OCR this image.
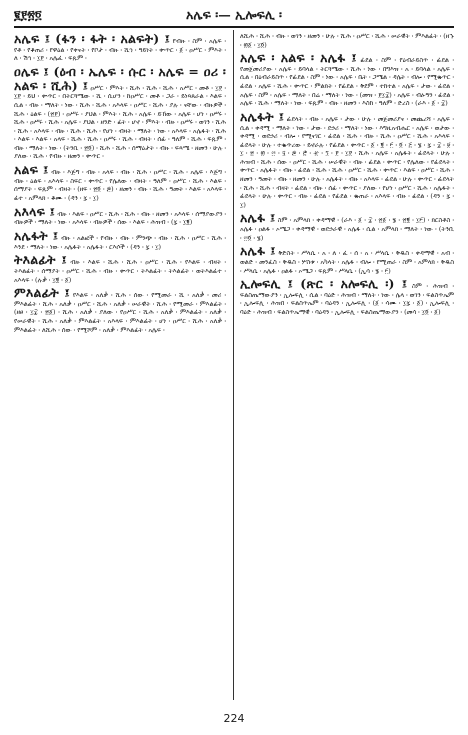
፪፻፳፬	አሌፍ ፡— ኢሎፍሊ ፡

አሌፍ ፤ (ፋን ፡ ፋት ፡ አልፍት) ፤ የብዙ ፡ ስም ፡ አሌፍ ፡ የቶ ፡ የቆጠሪ ፡ የዋዕል ፡ የቀናት ፡ የቦታ ፡ ብዙ ፡ ሺኅ ፡ ዓይነት ፡ ቍጥር ፡ ፩ ፡ ዐሥር ፡ ምእት ፡ ለ ፡ ሽኅ ፡ ፲፻ ፡ አሌፈ ፡ ፍጹም ፡

ዐሌፍ ፤ (ዕብ ፡ ኤሌፍ ፡ ሱር ፡ አሌፍ = ዐሪ ፡ አልፍ ፡ ሺሕ) ፤ ዐሥር ፡ ምእት ፡ ሺሕ ፡ ሺሕ ፡ ሺሕ ፡ አሥር ፡ መቶ ፡ ፲፻ ፡ ፲፻ ፡ ይህ ፡ ቍጥር ፡ በትርጓሜው ፡ ሺ ፡ ሲሆን ፡ ከዐሥር ፡ መቶ ፡ ጋራ ፡ ይነጻጸራል ፡ እልፍ ፡ ሲል ፡ ብዙ ፡ ማለት ፡ ነው ፡ ሺሕ ፡ ሺሕ ፡ አእላፍ ፡ ዐሥር ፡ ሺሕ ፡ ያሉ ፡ ናቸው ፡ ብዙዎች ፡ ሺሕ ፡ ዕልፍ ፡ (፳፻) ፡ ዐሥሩ ፡ ያህል ፡ ምእት ፡ ሺሕ ፡ አሌፍ ፡ ይኸው ፡ አሌፍ ፡ ሆነ ፡ ዐሥሩ ፡ ሺሕ ፡ ዐሥሩ ፡ ሺሕ ፡ አሌፍ ፡ ያህል ፡ ዘንድ ፡ ፊት ፡ ሆኖ ፡ ምእት ፡ ብዙ ፡ ዐሥሩ ፡ ወገን ፡ ሺሕ ፡ ሺሕ ፡ አእላፍ ፡ ብዙ ፡ ሺሕ ፡ ሺሕ ፡ የሆነ ፡ ብዛት ፡ ማለት ፡ ነው ፡ አእላፍ ፡ አሌፋት ፡ ሺሕ ፡ እልፍ ፡ እልፍ ፡ አላፍ ፡ ሺሕ ፡ ሺሕ ፡ ዐሥሩ ፡ ሺሕ ፡ ብዛት ፡ ሰፊ ፡ ዓለም ፡ ሺሕ ፡ ፍጹም ፡ ብዙ ፡ ማለት ፡ ነው ፡ (ትንቢ ፡ ፳፬) ፡ ሺሕ ፡ ሺሕ ፡ ሰማዕታት ፡ ብዙ ፡ ፍጻሜ ፡ ዘመን ፡ ሁሉ ፡ ያለው ፡ ሺሕ ፡ የብዙ ፡ ዘመን ፡ ቍጥር ፡

አልፍ ፤ ብዙ ፡ እጅግ ፡ ብዙ ፡ አላፍ ፡ ብዙ ፡ ሺሕ ፡ ዐሥር ፡ ሺሕ ፡ አሌፍ ፡ እጅግ ፡ ብዙ ፡ ዕልፍ ፡ አእላፍ ፡ ስፍር ፡ ቍጥር ፡ የሌለው ፡ ብዛት ፡ ዓለም ፡ ዐሥር ፡ ሺሕ ፡ እልፍ ፡ ሰማያት ፡ ፍጹም ፡ ብዛት ፡ (ዘፍ ፡ ፳፬ ፡ ፷) ፡ ዘመን ፡ ብዙ ፡ ሺሕ ፡ ዓመት ፡ እልፍ ፡ አእላፍ ፡ ፊተ ፡ አምላክ ፡ ቆሙ ፡ (ዳን ፡ ፯ ፡ ፲)

አእላፍ ፤ ብዙ ፡ እልፍ ፡ ዐሥር ፡ ሺሕ ፡ ሺሕ ፡ ብዙ ፡ ዘመን ፡ አእላፍ ፡ ሰማያውያን ፡ ብዙዎች ፡ ማለት ፡ ነው ፡ አእላፍ ፡ ብዙዎች ፡ ሰው ፡ እልፍ ፡ ሕዝብ ፡ (፯ ፡ ፲፪)

አሌፋት ፤ ብዙ ፡ አልፎች ፡ የብዙ ፡ ብዙ ፡ ምንጭ ፡ ብዙ ፡ ሺሕ ፡ ዐሥር ፡ ሺሕ ፡ እንደ ፡ ማለት ፡ ነው ፡ አሌፋት ፡ አሌፋት ፡ ርእሶች ፡ (ዳን ፡ ፯ ፡ ፲)

ትእልፊት ፤ ብዙ ፡ እልፍ ፡ ሺሕ ፡ ሺሕ ፡ ዐሥር ፡ ሺሕ ፡ የእልፍ ፡ ብዛት ፡ ትእልፊት ፡ ሰማያት ፡ ዐሥር ፡ ሺሕ ፡ ብዙ ፡ ቍጥር ፡ ትእልፊት ፡ ትእልፊት ፡ ወትእልፊተ ፡ አእላፍ ፡ (ሉቃ ፡ ፲፪ ፡ ፩)

ምእልፊት ፤ የእልፍ ፡ አለቃ ፡ ሺሕ ፡ ሰው ፡ የሚመራ ፡ ሺ ፡ አለቃ ፡ መሪ ፡ ምእልፊት ፡ ሺሕ ፡ አለቃ ፡ ዐሥር ፡ ሺሕ ፡ አለቃ ፡ ሠራዊት ፡ ሺሕ ፡ የሚመራ ፡ ምእልፊት ፡ (ዘፀ ፡ ፲፰ ፡ ፳፩) ፡ ሺሕ ፡ አለቃ ፡ ያለው ፡ የዐሥር ፡ ሺሕ ፡ አለቃ ፡ ምእልፊት ፡ አለቃ ፡ የሠራዊት ፡ ሺሕ ፡ አለቃ ፡ ምእልፊት ፡ አእላፍ ፡ ምእልፊት ፡ ሆነ ፡ ዐሥር ፡ ሺሕ ፡ አለቃ ፡ ምእልፊት ፡ ለሺሕ ፡ ሰው ፡ የሚሾም ፡ አለቃ ፡ ምእልፊት ፡ አሌፍ ፡

ለሺሕ ፡ ሺሕ ፡ ብዙ ፡ ወገን ፡ ዘመን ፡ ሁሉ ፡ ሺሕ ፡ ዐሥር ፡ ሺሕ ፡ ሠራዊት ፡ ምእልፊት ፡ (ዘኁ ፡ ፴፩ ፡ ፲፬)

አሌፍ ፡ አልፍ ፡ አሌፋ ፤ ፊደል ፡ ስም ፡ የዕብራይስጥ ፡ ፊደል ፡ የመጀመሪያው ፡ አሌፍ ፡ ይባላል ፡ ትርጓሜው ፡ ሺሕ ፡ ነው ፡ በግእዝ ፡ አ ፡ ይባላል ፡ አሌፍ ፡ ሲል ፡ በዕብራይስጥ ፡ የፊደል ፡ ስም ፡ ነው ፡ አሌፍ ፡ ቤት ፡ ጋሜል ፡ ዳሌት ፡ ብሎ ፡ የሚቈጥር ፡ ፊደል ፡ አሌፍ ፡ ሺሕ ፡ ቍጥር ፡ ምልክት ፡ የፊደል ፡ ቅደም ፡ ተከተል ፡ አሌፍ ፡ ታው ፡ ፊደል ፡ አሌፍ ፡ ስም ፡ አሌፍ ፡ ማለት ፡ በሬ ፡ ማለት ፡ ነው ፡ (መዝ ፡ ፻፲፰) ፡ አሌፍ ፡ ብፁዓን ፡ ፊደል ፡ አሌፍ ፡ ሺሕ ፡ ማለት ፡ ነው ፡ ፍጹም ፡ ብዙ ፡ ዘመን ፡ እስከ ፡ ዓለም ፡ ድረስ ፡ (ራእ ፡ ፩ ፡ ፰)

አሌፋት ፤ ፊደላት ፡ ብዙ ፡ አሌፍ ፡ ታው ፡ ሁሉ ፡ መጀመሪያና ፡ መጨረሻ ፡ አሌፍ ፡ ሲል ፡ ቀዳሚ ፡ ማለት ፡ ነው ፡ ታው ፡ ደኃሪ ፡ ማለት ፡ ነው ፡ እግዚአብሔር ፡ አሌፍ ፡ ወታው ፡ ቀዳሚ ፡ ወደኃሪ ፡ ብሎ ፡ የሚናገር ፡ ፊደል ፡ ሺሕ ፡ ብዙ ፡ ሺሕ ፡ ዐሥር ፡ ሺሕ ፡ አእላፍ ፡ ፊደላት ፡ ሁሉ ፡ ተቈጥረው ፡ ይኖራሉ ፡ የፊደል ፡ ቍጥር ፡ ፩ ፡ ፪ ፡ ፫ ፡ ፬ ፡ ፭ ፡ ፮ ፡ ፯ ፡ ፰ ፡ ፱ ፡ ፲ ፡ ፳ ፡ ፴ ፡ ፵ ፡ ፶ ፡ ፷ ፡ ፸ ፡ ፹ ፡ ፺ ፡ ፻ ፡ ፲፻ ፡ ሺሕ ፡ አሌፍ ፡ አሌፋት ፡ ፊደላት ፡ ሁሉ ፡ ሕዝብ ፡ ሺሕ ፡ ሰው ፡ ዐሥር ፡ ሺሕ ፡ ሠራዊት ፡ ብዙ ፡ ፊደል ፡ ቍጥር ፡ የሌለው ፡ የፊደላት ፡ ቍጥር ፡ አሌፋት ፡ ብዙ ፡ ፊደል ፡ ሺሕ ፡ ሺሕ ፡ ዐሥር ፡ ሺሕ ፡ ቍጥር ፡ እልፍ ፡ ዐሥር ፡ ሺሕ ፡ ዘመን ፡ ዓመት ፡ ብዙ ፡ ዘመን ፡ ሁሉ ፡ አሌፋት ፡ ብዙ ፡ አእላፍ ፡ ፊደል ፡ ሁሉ ፡ ቍጥር ፡ ፊደላት ፡ ሺሕ ፡ ሺሕ ፡ ብዛት ፡ ፊደል ፡ ብዙ ፡ ሰፊ ፡ ቍጥር ፡ ያለው ፡ የሆነ ፡ ዐሥር ፡ ሺሕ ፡ አሌፋት ፡ ፊደላት ፡ ሁሉ ፡ ቍጥር ፡ ብዙ ፡ ፊደል ፡ የፊደል ፡ ቈጠራ ፡ አእላፍ ፡ ብዙ ፡ ፊደል ፡ (ዳን ፡ ፯ ፡ ፲)

አሌፋ ፤ ስም ፡ አምላክ ፡ ቀዳማዊ ፡ (ራእ ፡ ፩ ፡ ፰ ፡ ፳፩ ፡ ፮ ፡ ፳፪ ፡ ፲፫) ፡ ክርስቶስ ፡ አሌፋ ፡ ዐልፋ ፡ ኦሜጋ ፡ ቀዳማዊ ፡ ወደኃራዊ ፡ አሌፋ ፡ ሲል ፡ አምላክ ፡ ማለት ፡ ነው ፡ (ትንቢ ፡ ፵፬ ፡ ፮)

አሌፋ ፤ ቅድስት ፡ ሥላሴ ፡ አ ፡ ለ ፡ ፈ ፡ ሰ ፡ አ ፡ ሥላሴ ፡ ቅዱስ ፡ ቀዳማዊ ፡ አብ ፡ ወልድ ፡ መንፈስ ፡ ቅዱስ ፡ ሦስቱ ፡ አካላት ፡ አሌፋ ፡ ብሎ ፡ የሚጠራ ፡ ስም ፡ አምላክ ፡ ቅዱስ ፡ ሥላሴ ፡ አሌፋ ፡ ዐልፋ ፡ ኦሜጋ ፡ ፍጹም ፡ ሥላሴ ፡ (ኢሳ ፡ ፮ ፡ ፫)

ኢሎፍሊ ፤ (ጽር ፡ አሎፍሊ ፡) ፤ ስም ፡ ሕዝብ ፡ ፍልስጤማውያን ፡ ኢሎፍሊ ፡ ሲል ፡ ባዕድ ፡ ሕዝብ ፡ ማለት ፡ ነው ፡ ሌላ ፡ ወገን ፡ ፍልስጥኤም ፡ ኢሎፍሊ ፡ ሕዝበ ፡ ፍልስጥኤም ፡ ባዕዳን ፡ ኢሎፍሊ ፡ (፩ ፡ ሳሙ ፡ ፲፯ ፡ ፩) ፡ ኢሎፍሊ ፡ ባዕድ ፡ ሕዝብ ፡ ፍልስጥኤማዊ ፡ ባዕዳን ፡ ኢሎፍሊ ፡ ፍልስጤማውያን ፡ (መሳ ፡ ፲፬ ፡ ፩)

224
